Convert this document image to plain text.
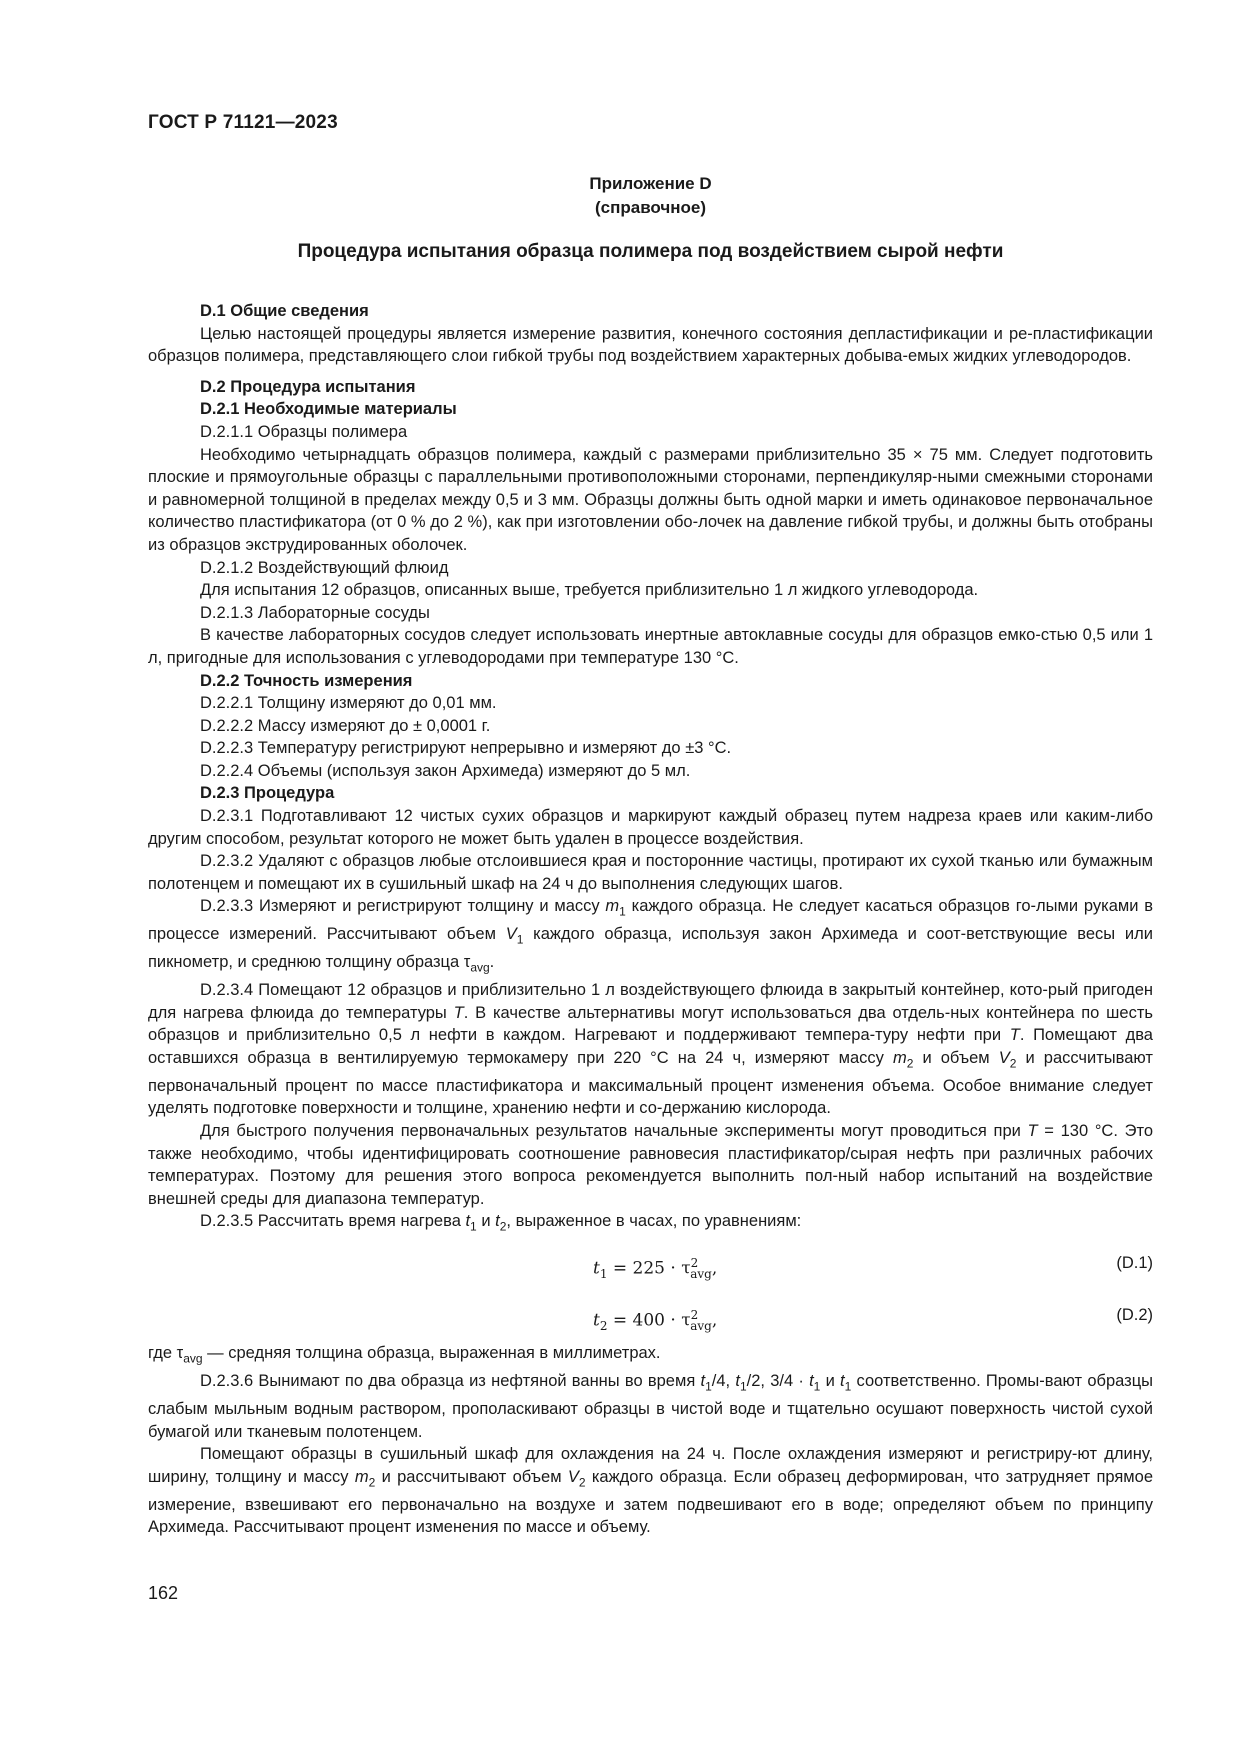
ГОСТ Р 71121—2023
Приложение D
(справочное)
Процедура испытания образца полимера под воздействием сырой нефти

D.1 Общие сведения

Целью настоящей процедуры является измерение развития, конечного состояния депластификации и ре-пластификации образцов полимера, представляющего слои гибкой трубы под воздействием характерных добыва-емых жидких углеводородов.

D.2 Процедура испытания

D.2.1 Необходимые материалы

D.2.1.1 Образцы полимера

Необходимо четырнадцать образцов полимера, каждый с размерами приблизительно 35 × 75 мм. Следует подготовить плоские и прямоугольные образцы с параллельными противоположными сторонами, перпендикуляр-ными смежными сторонами и равномерной толщиной в пределах между 0,5 и 3 мм. Образцы должны быть одной марки и иметь одинаковое первоначальное количество пластификатора (от 0 % до 2 %), как при изготовлении обо-лочек на давление гибкой трубы, и должны быть отобраны из образцов экструдированных оболочек.

D.2.1.2 Воздействующий флюид

Для испытания 12 образцов, описанных выше, требуется приблизительно 1 л жидкого углеводорода.

D.2.1.3 Лабораторные сосуды

В качестве лабораторных сосудов следует использовать инертные автоклавные сосуды для образцов емко-стью 0,5 или 1 л, пригодные для использования с углеводородами при температуре 130 °C.

D.2.2 Точность измерения

D.2.2.1 Толщину измеряют до 0,01 мм.

D.2.2.2 Массу измеряют до ± 0,0001 г.

D.2.2.3 Температуру регистрируют непрерывно и измеряют до ±3 °C.

D.2.2.4 Объемы (используя закон Архимеда) измеряют до 5 мл.

D.2.3 Процедура

D.2.3.1 Подготавливают 12 чистых сухих образцов и маркируют каждый образец путем надреза краев или каким-либо другим способом, результат которого не может быть удален в процессе воздействия.

D.2.3.2 Удаляют с образцов любые отслоившиеся края и посторонние частицы, протирают их сухой тканью или бумажным полотенцем и помещают их в сушильный шкаф на 24 ч до выполнения следующих шагов.

D.2.3.3 Измеряют и регистрируют толщину и массу $m_1$ каждого образца. Не следует касаться образцов го-лыми руками в процессе измерений. Рассчитывают объем $V_1$ каждого образца, используя закон Архимеда и соот-ветствующие весы или пикнометр, и среднюю толщину образца $\tau_{avg}$.

D.2.3.4 Помещают 12 образцов и приблизительно 1 л воздействующего флюида в закрытый контейнер, кото-рый пригоден для нагрева флюида до температуры T. В качестве альтернативы могут использоваться два отдель-ных контейнера по шесть образцов и приблизительно 0,5 л нефти в каждом. Нагревают и поддерживают темпера-туру нефти при T. Помещают два оставшихся образца в вентилируемую термокамеру при 220 °C на 24 ч, измеряют массу $m_2$ и объем $V_2$ и рассчитывают первоначальный процент по массе пластификатора и максимальный процент изменения объема. Особое внимание следует уделять подготовке поверхности и толщине, хранению нефти и со-держанию кислорода.

Для быстрого получения первоначальных результатов начальные эксперименты могут проводиться при T = 130 °C. Это также необходимо, чтобы идентифицировать соотношение равновесия пластификатор/сырая нефть при различных рабочих температурах. Поэтому для решения этого вопроса рекомендуется выполнить пол-ный набор испытаний на воздействие внешней среды для диапазона температур.

D.2.3.5 Рассчитать время нагрева $t_1$ и $t_2$, выраженное в часах, по уравнениям:

$t_1 = 225 \cdot \tau^2_{avg}$,	(D.1)
$t_2 = 400 \cdot \tau^2_{avg}$,	(D.2)

где $\tau_{avg}$ — средняя толщина образца, выраженная в миллиметрах.

D.2.3.6 Вынимают по два образца из нефтяной ванны во время $t_1/4$, $t_1/2$, $3/4 \cdot t_1$ и $t_1$ соответственно. Промы-вают образцы слабым мыльным водным раствором, прополаскивают образцы в чистой воде и тщательно осушают поверхность чистой сухой бумагой или тканевым полотенцем.

Помещают образцы в сушильный шкаф для охлаждения на 24 ч. После охлаждения измеряют и регистриру-ют длину, ширину, толщину и массу $m_2$ и рассчитывают объем $V_2$ каждого образца. Если образец деформирован, что затрудняет прямое измерение, взвешивают его первоначально на воздухе и затем подвешивают его в воде; определяют объем по принципу Архимеда. Рассчитывают процент изменения по массе и объему.

162
